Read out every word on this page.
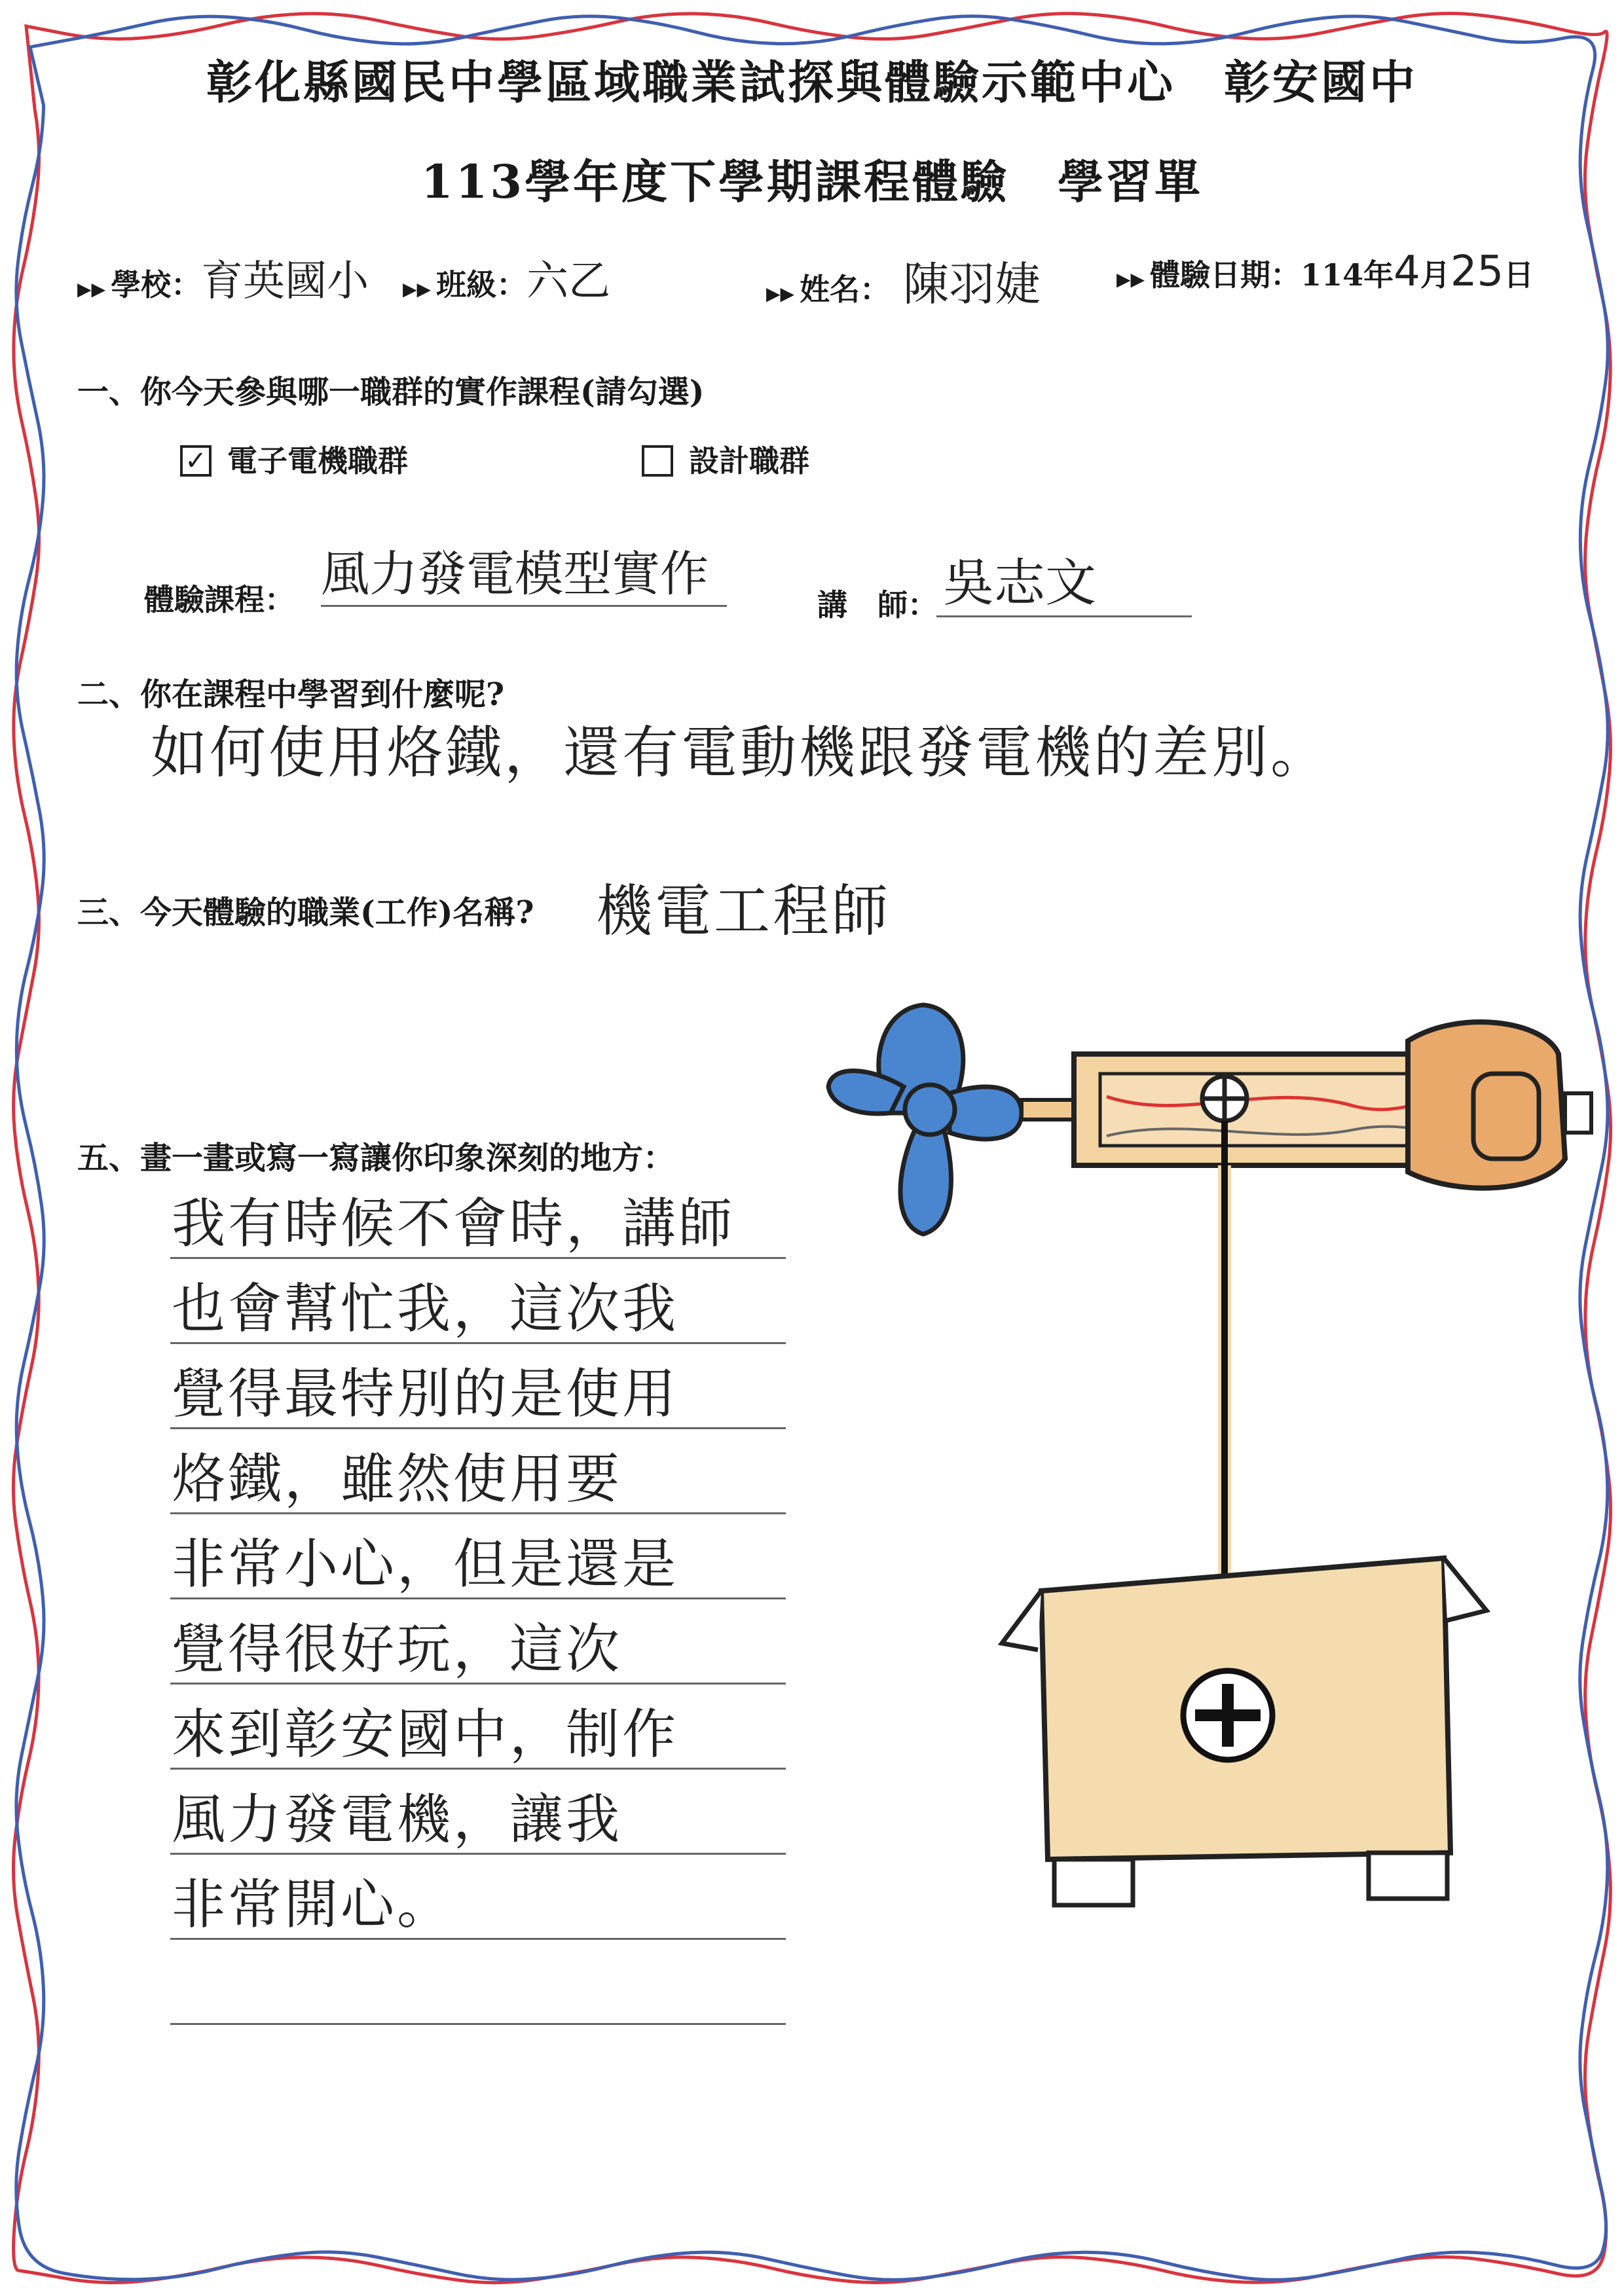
彰化縣國民中學區域職業試探與體驗示範中心　彰安國中
113學年度下學期課程體驗　學習單
▶▶ 學校：育英國小 ▶▶ 班級：六乙	▶▶ 姓名： 陳羽婕	▶▶ 體驗日期：114年4月25日
一、你今天參與哪一職群的實作課程(請勾選)
✓ 電子電機職群	設計職群
體驗課程： 風力發電模型實作
講　師： 吳志文
二、你在課程中學習到什麼呢?
如何使用烙鐵，還有電動機跟發電機的差別。
三、今天體驗的職業(工作)名稱? 機電工程師
五、畫一畫或寫一寫讓你印象深刻的地方：
我有時候不會時，講師
也會幫忙我，這次我
覺得最特別的是使用
烙鐵，雖然使用要
非常小心，但是還是
覺得很好玩，這次
來到彰安國中，制作
風力發電機，讓我
非常開心。
